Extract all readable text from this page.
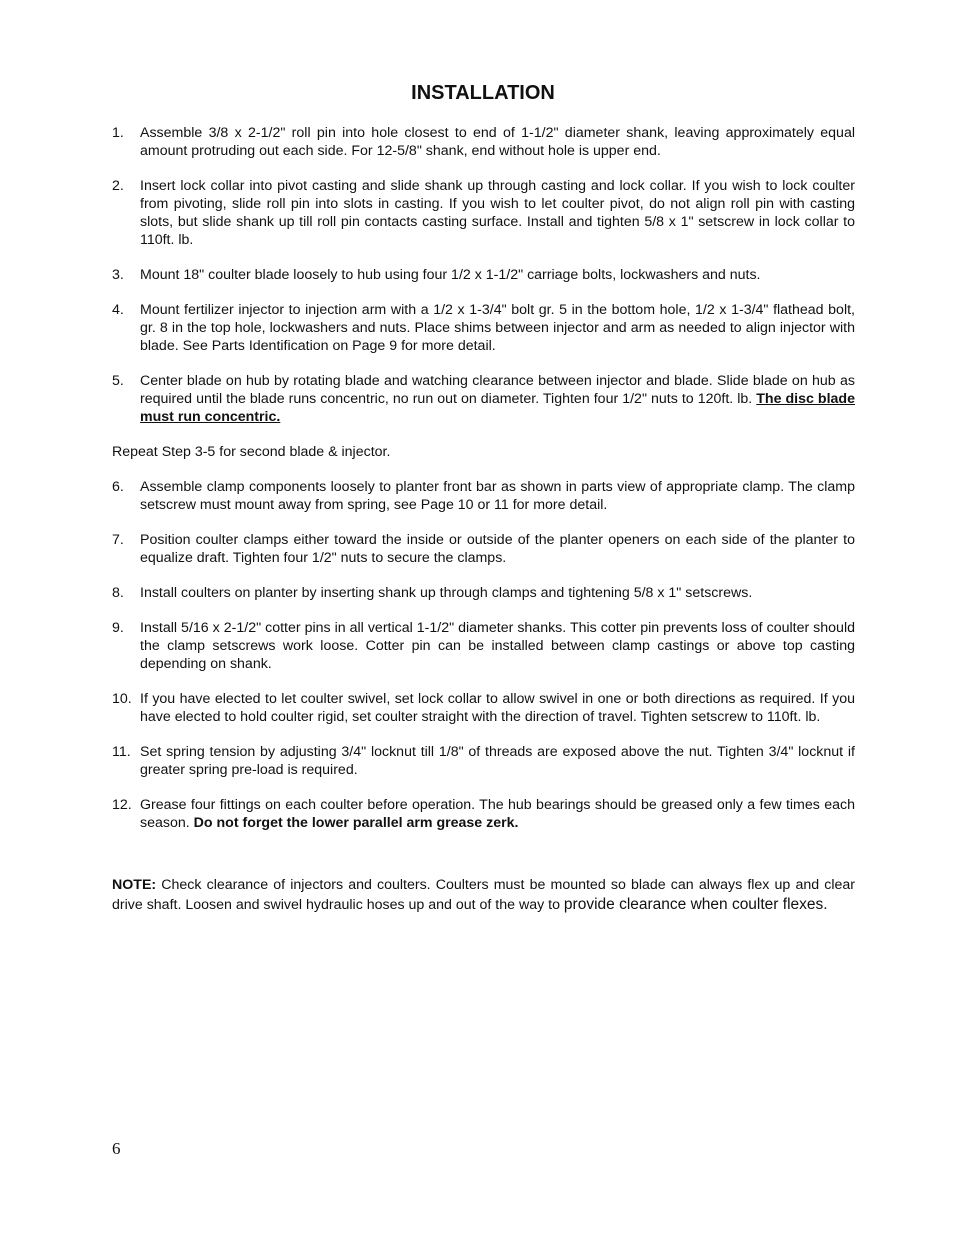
INSTALLATION
1.	Assemble 3/8 x 2-1/2" roll pin into hole closest to end of 1-1/2" diameter shank, leaving approximately equal amount protruding out each side. For 12-5/8" shank, end without hole is upper end.
2.	Insert lock collar into pivot casting and slide shank up through casting and lock collar. If you wish to lock coulter from pivoting, slide roll pin into slots in casting. If you wish to let coulter pivot, do not align roll pin with casting slots, but slide shank up till roll pin contacts casting surface. Install and tighten 5/8 x 1" setscrew in lock collar to 110ft. lb.
3.	Mount 18" coulter blade loosely to hub using four 1/2 x 1-1/2" carriage bolts, lockwashers and nuts.
4.	Mount fertilizer injector to injection arm with a 1/2 x 1-3/4" bolt gr. 5 in the bottom hole, 1/2 x 1-3/4" flathead bolt, gr. 8 in the top hole, lockwashers and nuts. Place shims between injector and arm as needed to align injector with blade. See Parts Identification on Page 9 for more detail.
5.	Center blade on hub by rotating blade and watching clearance between injector and blade. Slide blade on hub as required until the blade runs concentric, no run out on diameter. Tighten four 1/2" nuts to 120ft. lb. The disc blade must run concentric.
Repeat Step 3-5 for second blade & injector.
6.	Assemble clamp components loosely to planter front bar as shown in parts view of appropriate clamp. The clamp setscrew must mount away from spring, see Page 10 or 11 for more detail.
7.	Position coulter clamps either toward the inside or outside of the planter openers on each side of the planter to equalize draft. Tighten four 1/2" nuts to secure the clamps.
8.	Install coulters on planter by inserting shank up through clamps and tightening 5/8 x 1" setscrews.
9.	Install 5/16 x 2-1/2" cotter pins in all vertical 1-1/2" diameter shanks. This cotter pin prevents loss of coulter should the clamp setscrews work loose. Cotter pin can be installed between clamp castings or above top casting depending on shank.
10. If you have elected to let coulter swivel, set lock collar to allow swivel in one or both directions as required. If you have elected to hold coulter rigid, set coulter straight with the direction of travel. Tighten setscrew to 110ft. lb.
11. Set spring tension by adjusting 3/4" locknut till 1/8" of threads are exposed above the nut. Tighten 3/4" locknut if greater spring pre-load is required.
12. Grease four fittings on each coulter before operation. The hub bearings should be greased only a few times each season. Do not forget the lower parallel arm grease zerk.
NOTE: Check clearance of injectors and coulters. Coulters must be mounted so blade can always flex up and clear drive shaft. Loosen and swivel hydraulic hoses up and out of the way to provide clearance when coulter flexes.
6
